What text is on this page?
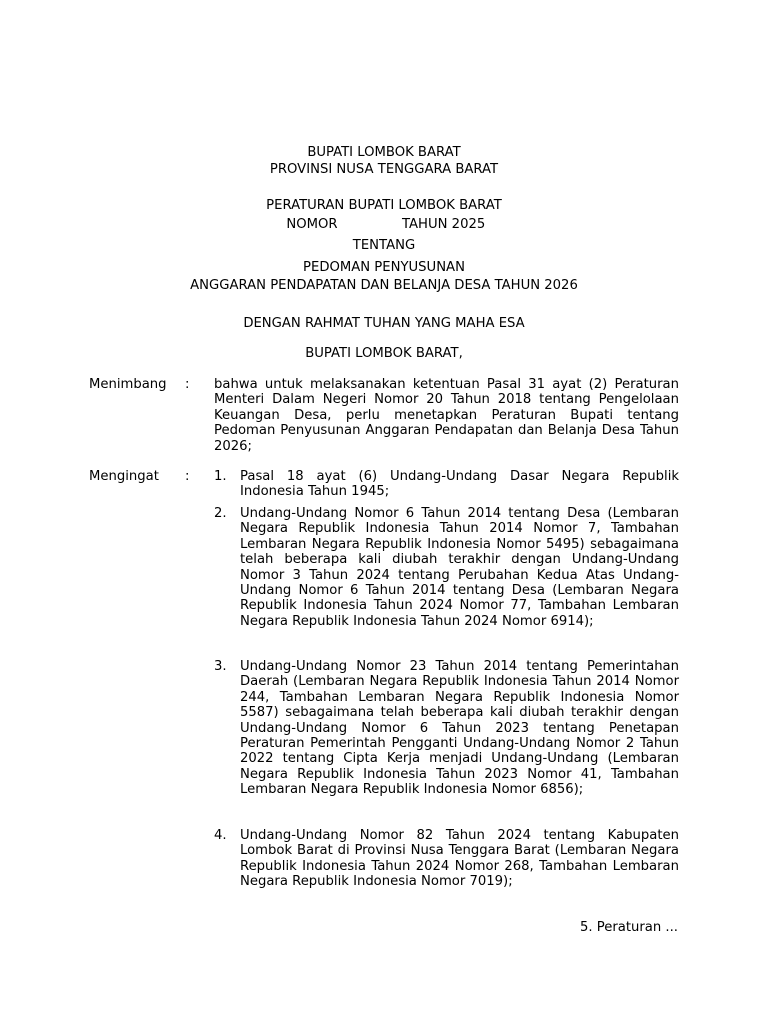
BUPATI LOMBOK BARAT
PROVINSI NUSA TENGGARA BARAT
PERATURAN BUPATI LOMBOK BARAT
NOMOR	TAHUN 2025
TENTANG
PEDOMAN PENYUSUNAN
ANGGARAN PENDAPATAN DAN BELANJA DESA TAHUN 2026
DENGAN RAHMAT TUHAN YANG MAHA ESA
BUPATI LOMBOK BARAT,
Menimbang : bahwa untuk melaksanakan ketentuan Pasal 31 ayat (2) Peraturan Menteri Dalam Negeri Nomor 20 Tahun 2018 tentang Pengelolaan Keuangan Desa, perlu menetapkan Peraturan Bupati tentang Pedoman Penyusunan Anggaran Pendapatan dan Belanja Desa Tahun 2026;
Mengingat : 1. Pasal 18 ayat (6) Undang-Undang Dasar Negara Republik Indonesia Tahun 1945;
2. Undang-Undang Nomor 6 Tahun 2014 tentang Desa (Lembaran Negara Republik Indonesia Tahun 2014 Nomor 7, Tambahan Lembaran Negara Republik Indonesia Nomor 5495) sebagaimana telah beberapa kali diubah terakhir dengan Undang-Undang Nomor 3 Tahun 2024 tentang Perubahan Kedua Atas Undang-Undang Nomor 6 Tahun 2014 tentang Desa (Lembaran Negara Republik Indonesia Tahun 2024 Nomor 77, Tambahan Lembaran Negara Republik Indonesia Tahun 2024 Nomor 6914);
3. Undang-Undang Nomor 23 Tahun 2014 tentang Pemerintahan Daerah (Lembaran Negara Republik Indonesia Tahun 2014 Nomor 244, Tambahan Lembaran Negara Republik Indonesia Nomor 5587) sebagaimana telah beberapa kali diubah terakhir dengan Undang-Undang Nomor 6 Tahun 2023 tentang Penetapan Peraturan Pemerintah Pengganti Undang-Undang Nomor 2 Tahun 2022 tentang Cipta Kerja menjadi Undang-Undang (Lembaran Negara Republik Indonesia Tahun 2023 Nomor 41, Tambahan Lembaran Negara Republik Indonesia Nomor 6856);
4. Undang-Undang Nomor 82 Tahun 2024 tentang Kabupaten Lombok Barat di Provinsi Nusa Tenggara Barat (Lembaran Negara Republik Indonesia Tahun 2024 Nomor 268, Tambahan Lembaran Negara Republik Indonesia Nomor 7019);
5. Peraturan ...
